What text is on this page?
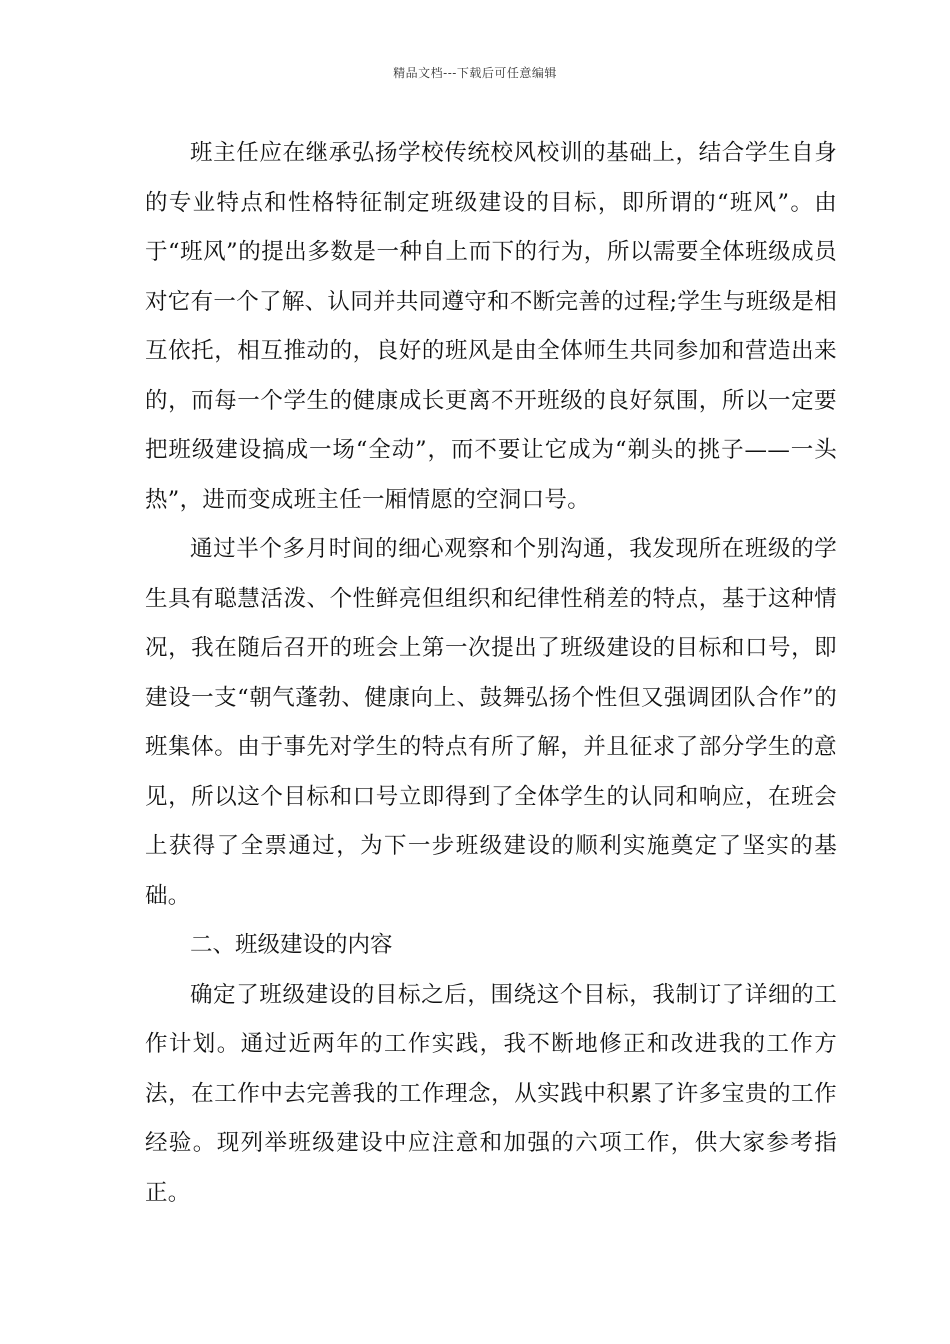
精品文档---下载后可任意编辑

班主任应在继承弘扬学校传统校风校训的基础上，结合学生自身的专业特点和性格特征制定班级建设的目标，即所谓的“班风”。由于“班风”的提出多数是一种自上而下的行为，所以需要全体班级成员对它有一个了解、认同并共同遵守和不断完善的过程;学生与班级是相互依托，相互推动的，良好的班风是由全体师生共同参加和营造出来的，而每一个学生的健康成长更离不开班级的良好氛围，所以一定要把班级建设搞成一场“全动”，而不要让它成为“剃头的挑子——一头热”，进而变成班主任一厢情愿的空洞口号。

通过半个多月时间的细心观察和个别沟通，我发现所在班级的学生具有聪慧活泼、个性鲜亮但组织和纪律性稍差的特点，基于这种情况，我在随后召开的班会上第一次提出了班级建设的目标和口号，即建设一支“朝气蓬勃、健康向上、鼓舞弘扬个性但又强调团队合作”的班集体。由于事先对学生的特点有所了解，并且征求了部分学生的意见，所以这个目标和口号立即得到了全体学生的认同和响应，在班会上获得了全票通过，为下一步班级建设的顺利实施奠定了坚实的基础。

二、班级建设的内容

确定了班级建设的目标之后，围绕这个目标，我制订了详细的工作计划。通过近两年的工作实践，我不断地修正和改进我的工作方法，在工作中去完善我的工作理念，从实践中积累了许多宝贵的工作经验。现列举班级建设中应注意和加强的六项工作，供大家参考指正。
